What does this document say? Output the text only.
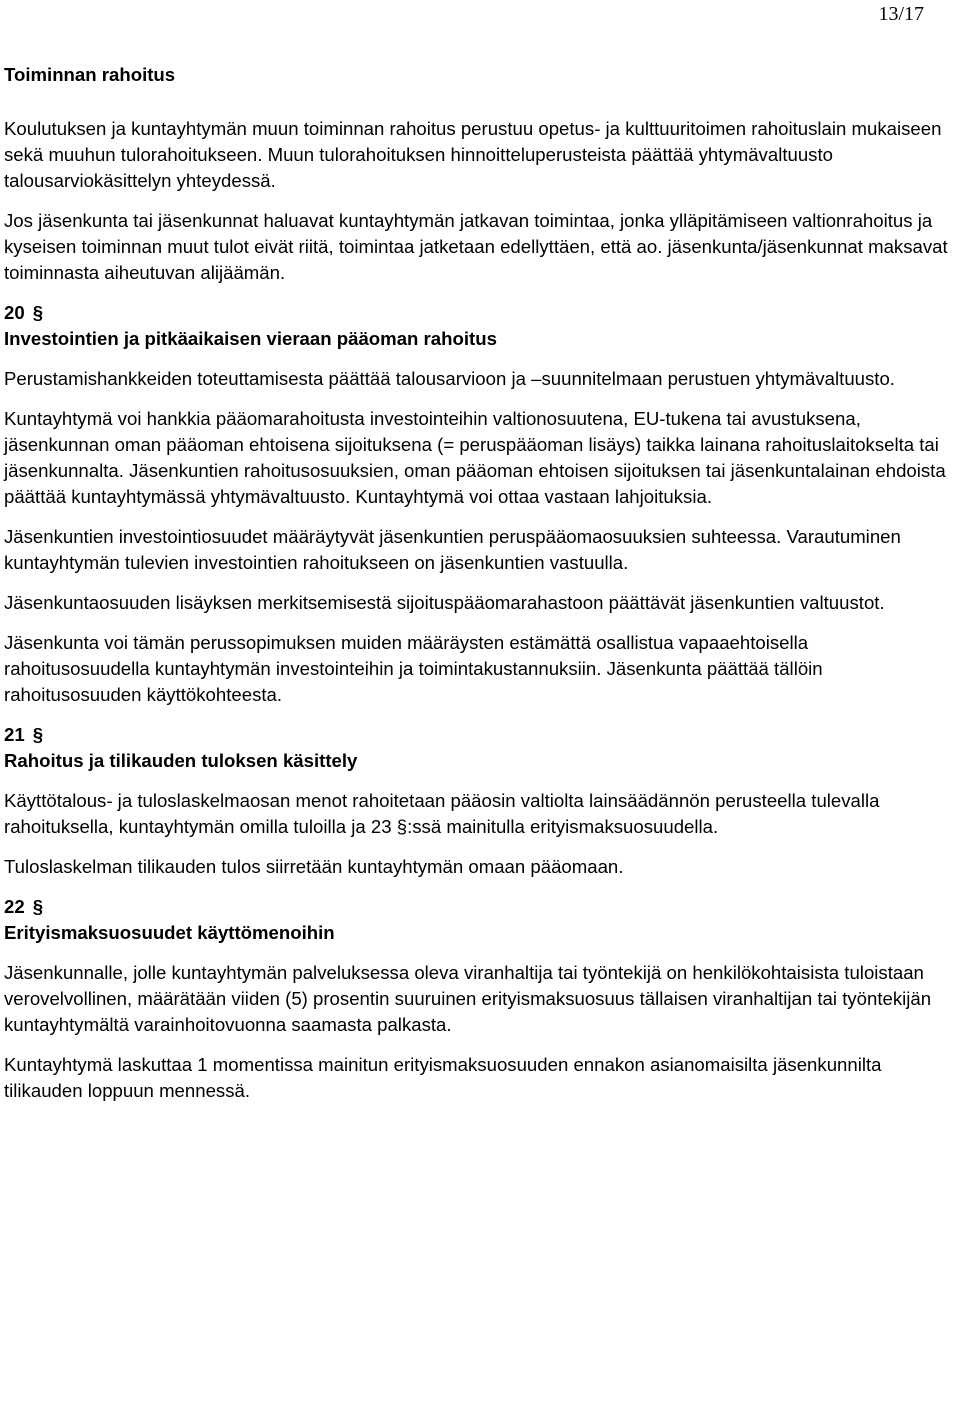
13/17

Toiminnan rahoitus

Koulutuksen ja kuntayhtymän muun toiminnan rahoitus perustuu opetus- ja kulttuuritoimen rahoituslain mukaiseen sekä muuhun tulorahoitukseen. Muun tulorahoituksen hinnoitteluperusteista päättää yhtymävaltuusto talousarviokäsittelyn yhteydessä.

Jos jäsenkunta tai jäsenkunnat haluavat kuntayhtymän jatkavan toimintaa, jonka ylläpitämiseen valtionrahoitus ja kyseisen toiminnan muut tulot eivät riitä, toimintaa jatketaan edellyttäen, että ao. jäsenkunta/jäsenkunnat maksavat toiminnasta aiheutuvan alijäämän.

20 §

Investointien ja pitkäaikaisen vieraan pääoman rahoitus

Perustamishankkeiden toteuttamisesta päättää talousarvioon ja –suunnitelmaan perustuen yhtymävaltuusto.

Kuntayhtymä voi hankkia pääomarahoitusta investointeihin valtionosuutena, EU-tukena tai avustuksena, jäsenkunnan oman pääoman ehtoisena sijoituksena (= peruspääoman lisäys) taikka lainana rahoituslaitokselta tai jäsenkunnalta. Jäsenkuntien rahoitusosuuksien, oman pääoman ehtoisen sijoituksen tai jäsenkuntalainan ehdoista päättää kuntayhtymässä yhtymävaltuusto. Kuntayhtymä voi ottaa vastaan lahjoituksia.

Jäsenkuntien investointiosuudet määräytyvät jäsenkuntien peruspääomaosuuksien suhteessa. Varautuminen kuntayhtymän tulevien investointien rahoitukseen on jäsenkuntien vastuulla.

Jäsenkuntaosuuden lisäyksen merkitsemisestä sijoituspääomarahastoon päättävät jäsenkuntien valtuustot.

Jäsenkunta voi tämän perussopimuksen muiden määräysten estämättä osallistua vapaaehtoisella rahoitusosuudella kuntayhtymän investointeihin ja toimintakustannuksiin. Jäsenkunta päättää tällöin rahoitusosuuden käyttökohteesta.

21 §

Rahoitus ja tilikauden tuloksen käsittely

Käyttötalous- ja tuloslaskelmaosan menot rahoitetaan pääosin valtiolta lainsäädännön perusteella tulevalla rahoituksella, kuntayhtymän omilla tuloilla ja 23 §:ssä mainitulla erityismaksuosuudella.

Tuloslaskelman tilikauden tulos siirretään kuntayhtymän omaan pääomaan.

22 §

Erityismaksuosuudet käyttömenoihin

Jäsenkunnalle, jolle kuntayhtymän palveluksessa oleva viranhaltija tai työntekijä on henkilökohtaisista tuloistaan verovelvollinen, määrätään viiden (5) prosentin suuruinen erityismaksuosuus tällaisen viranhaltijan tai työntekijän kuntayhtymältä varainhoitovuonna saamasta palkasta.

Kuntayhtymä laskuttaa 1 momentissa mainitun erityismaksuosuuden ennakon asianomaisilta jäsenkunnilta tilikauden loppuun mennessä.
